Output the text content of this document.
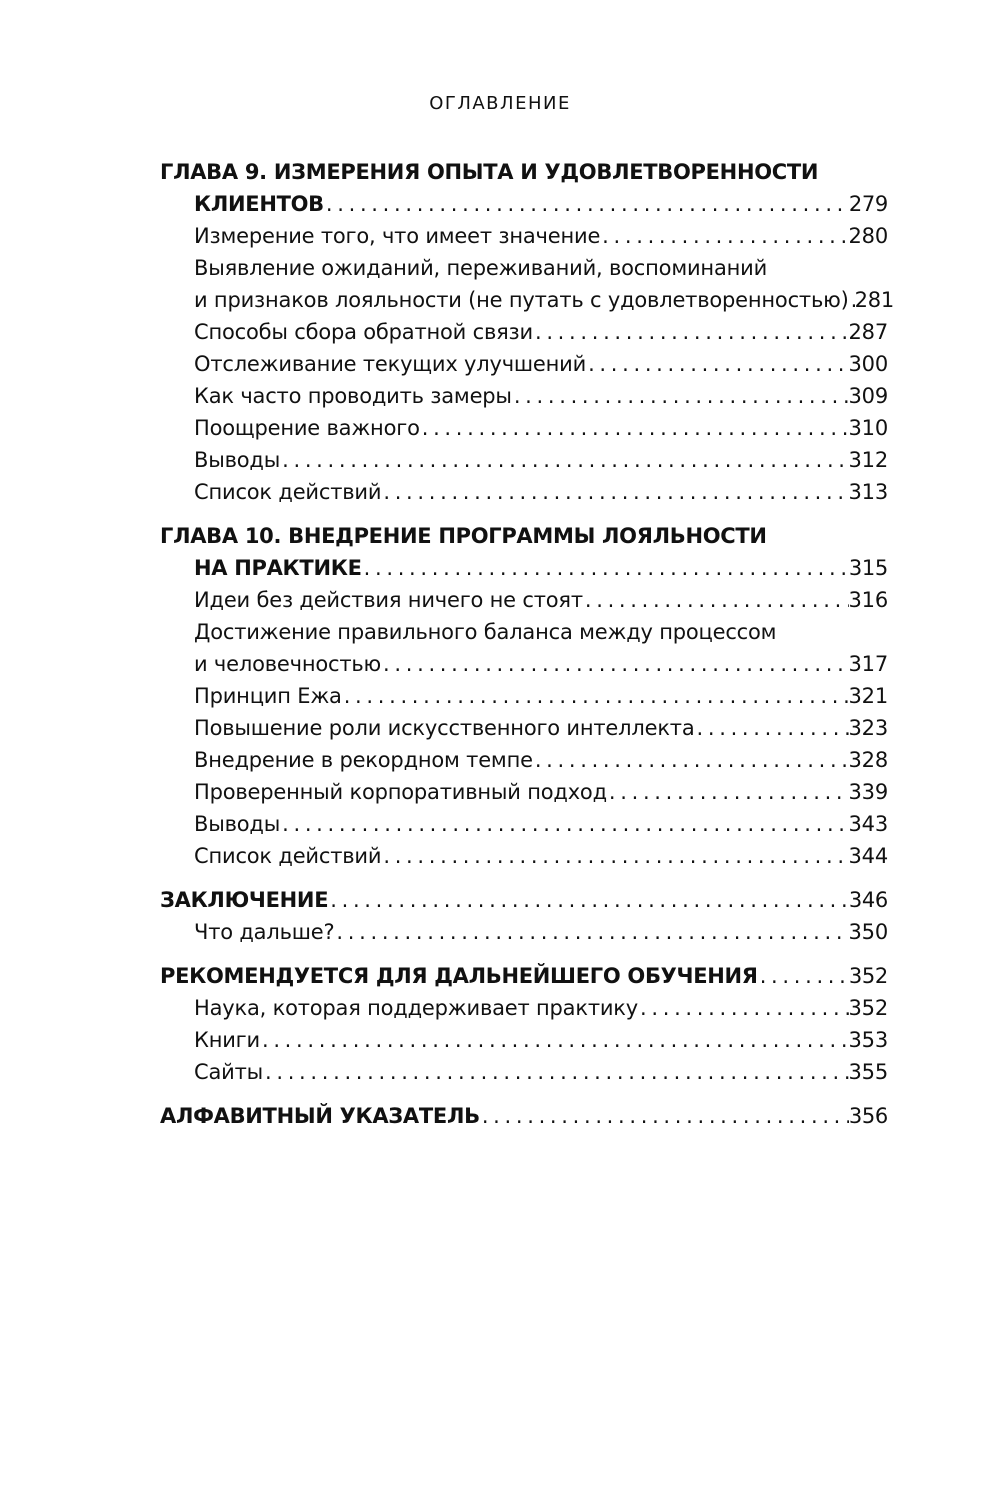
ОГЛАВЛЕНИЕ
ГЛАВА 9. ИЗМЕРЕНИЯ ОПЫТА И УДОВЛЕТВОРЕННОСТИ
КЛИЕНТОВ . . .	279
Измерение того, что имеет значение . . .	280
Выявление ожиданий, переживаний, воспоминаний
и признаков лояльности (не путать с удовлетворенностью) . . . 281
Способы сбора обратной связи . . .	287
Отслеживание текущих улучшений . . .	300
Как часто проводить замеры . . .	309
Поощрение важного . . .	310
Выводы . . .	312
Список действий . . .	313
ГЛАВА 10. ВНЕДРЕНИЕ ПРОГРАММЫ ЛОЯЛЬНОСТИ
НА ПРАКТИКЕ . . .	315
Идеи без действия ничего не стоят . . .	316
Достижение правильного баланса между процессом
и человечностью . . .	317
Принцип Ежа . . .	321
Повышение роли искусственного интеллекта . . .	323
Внедрение в рекордном темпе . . .	328
Проверенный корпоративный подход . . .	339
Выводы . . .	343
Список действий . . .	344
ЗАКЛЮЧЕНИЕ . . .	346
Что дальше? . . .	350
РЕКОМЕНДУЕТСЯ ДЛЯ ДАЛЬНЕЙШЕГО ОБУЧЕНИЯ . . .	352
Наука, которая поддерживает практику . . .	352
Книги . . .	353
Сайты . . .	355
АЛФАВИТНЫЙ УКАЗАТЕЛЬ . . .	356
